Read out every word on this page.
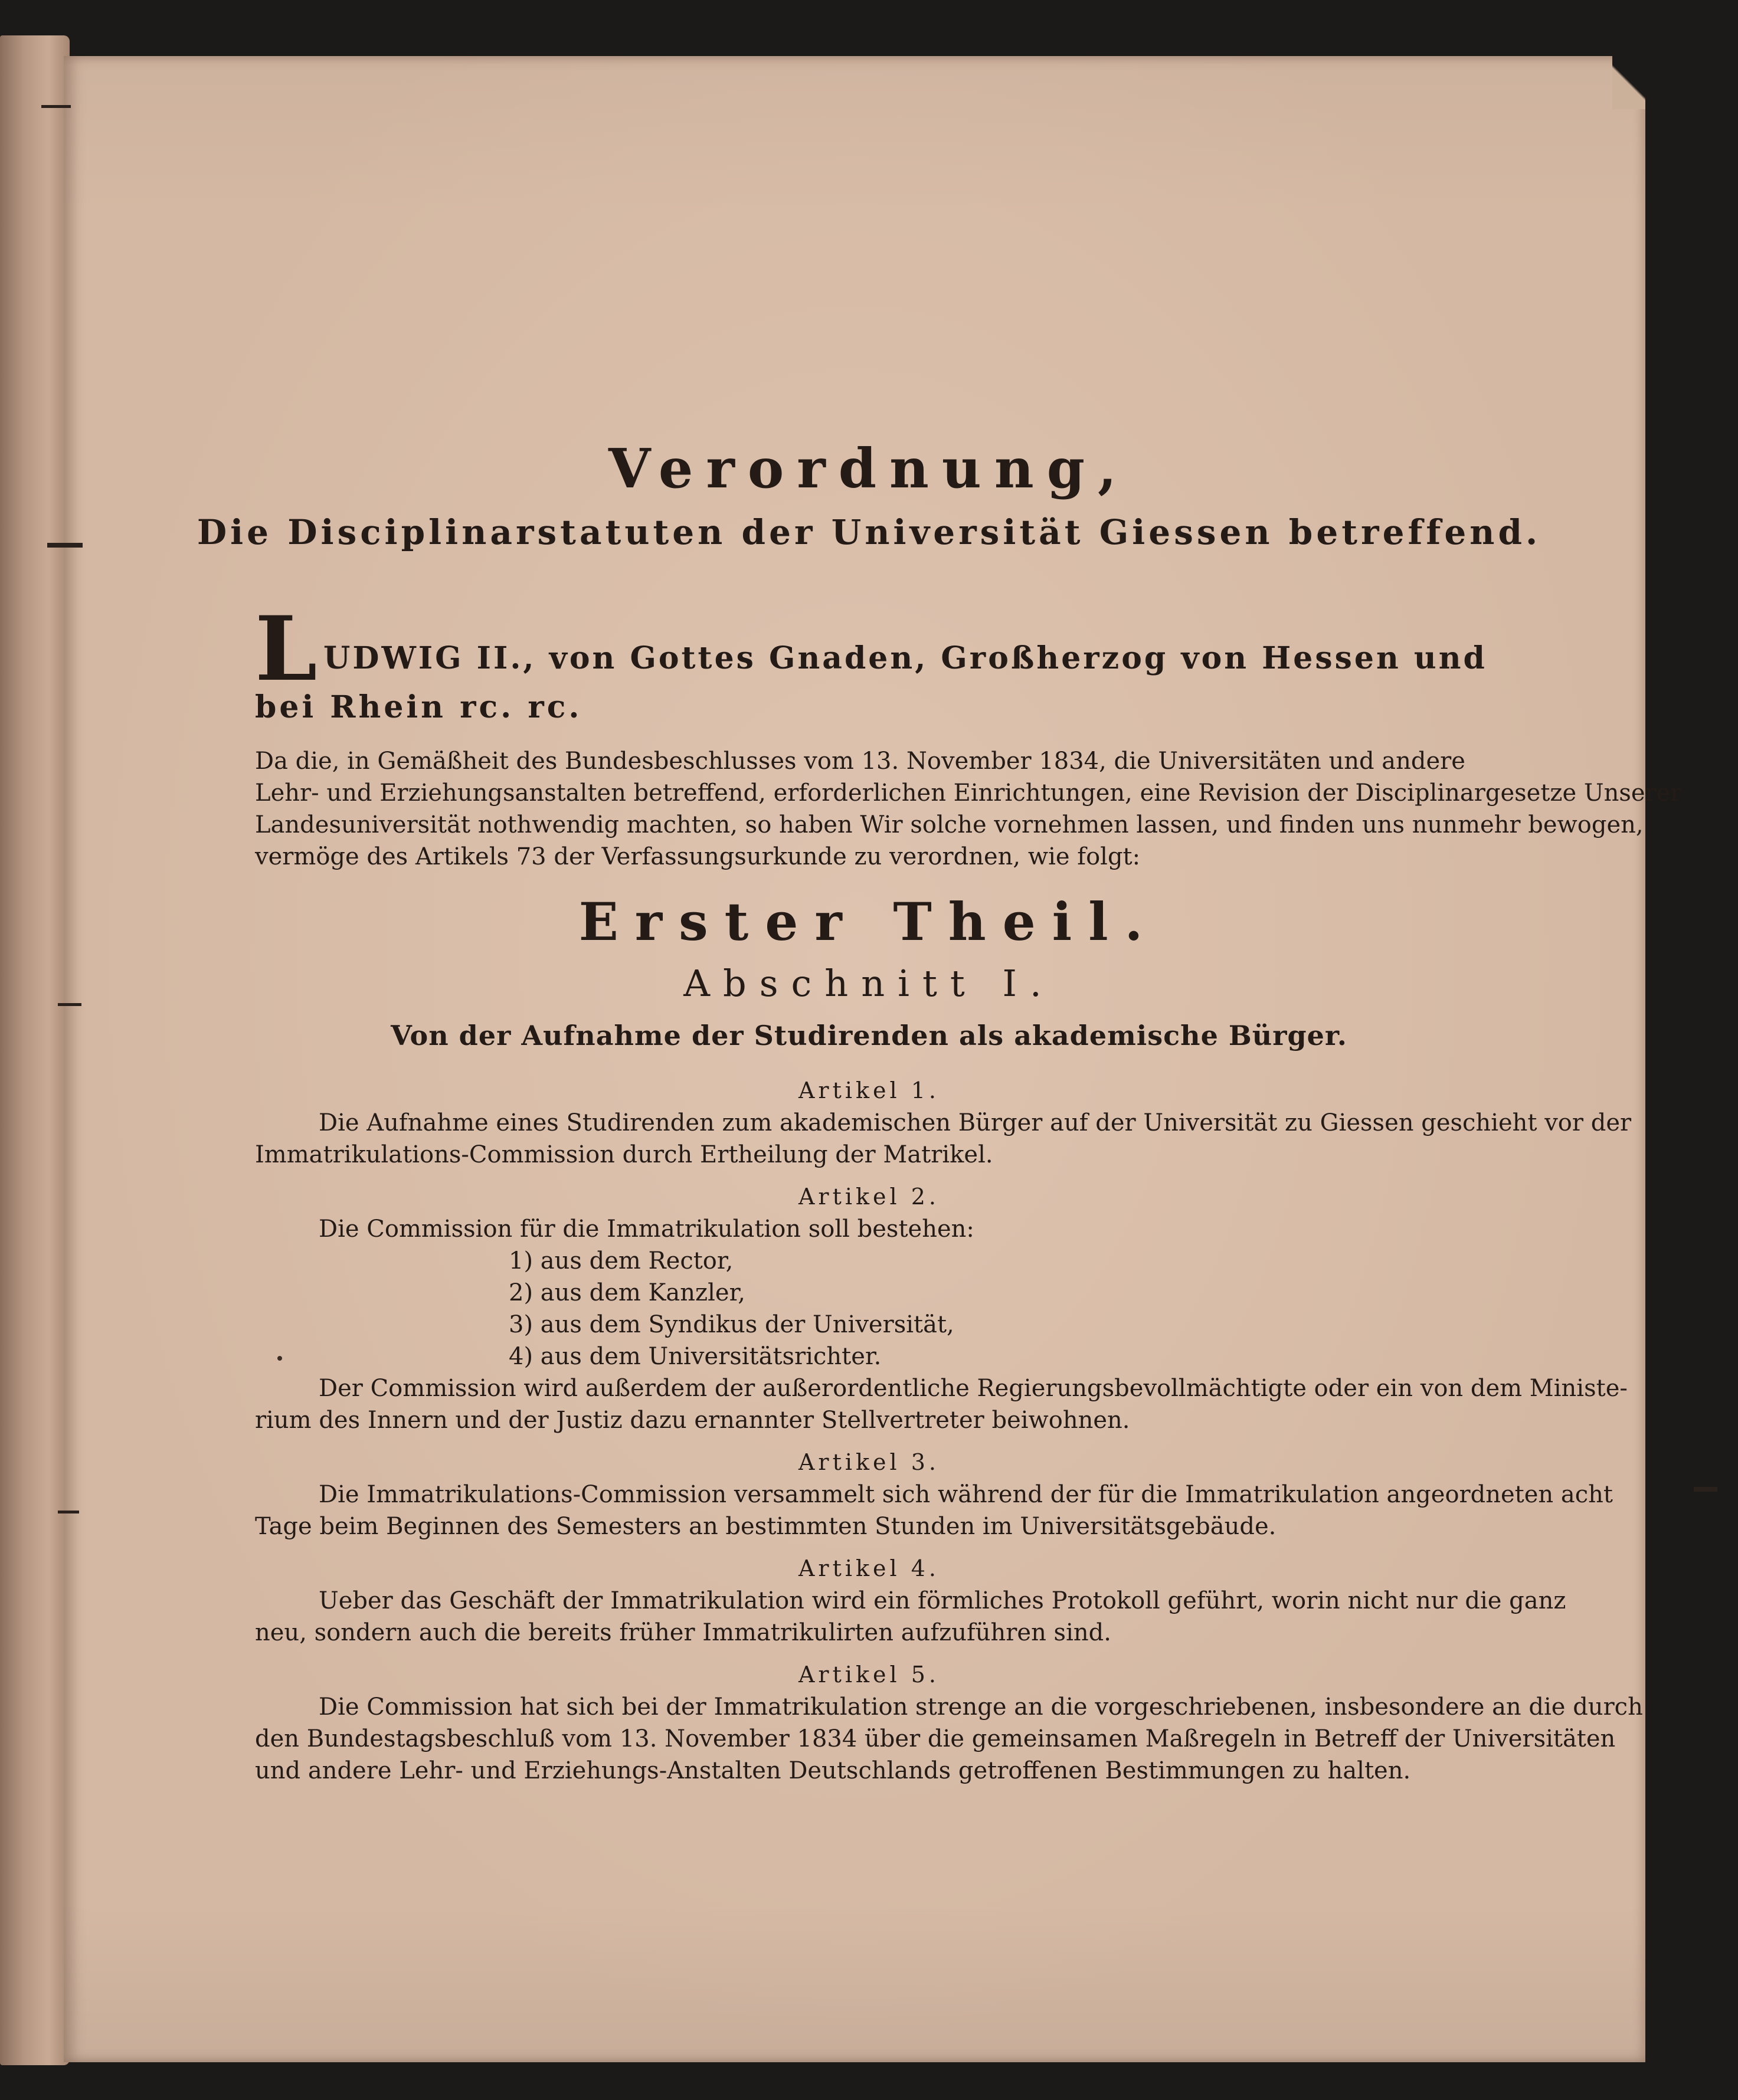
Verordnung,
Die Disciplinarstatuten der Universität Giessen betreffend.
L UDWIG II., von Gottes Gnaden, Großherzog von Hessen und
bei Rhein rc. rc.
Da die, in Gemäßheit des Bundesbeschlusses vom 13. November 1834, die Universitäten und andere
Lehr- und Erziehungsanstalten betreffend, erforderlichen Einrichtungen, eine Revision der Disciplinargesetze Unserer
Landesuniversität nothwendig machten, so haben Wir solche vornehmen lassen, und finden uns nunmehr bewogen,
vermöge des Artikels 73 der Verfassungsurkunde zu verordnen, wie folgt:
Erster Theil.
Abschnitt I.
Von der Aufnahme der Studirenden als akademische Bürger.
Artikel 1.
Die Aufnahme eines Studirenden zum akademischen Bürger auf der Universität zu Giessen geschieht vor der
Immatrikulations-Commission durch Ertheilung der Matrikel.
Artikel 2.
Die Commission für die Immatrikulation soll bestehen:
1) aus dem Rector,
2) aus dem Kanzler,
3) aus dem Syndikus der Universität,
4) aus dem Universitätsrichter.
Der Commission wird außerdem der außerordentliche Regierungsbevollmächtigte oder ein von dem Ministe-
rium des Innern und der Justiz dazu ernannter Stellvertreter beiwohnen.
Artikel 3.
Die Immatrikulations-Commission versammelt sich während der für die Immatrikulation angeordneten acht
Tage beim Beginnen des Semesters an bestimmten Stunden im Universitätsgebäude.
Artikel 4.
Ueber das Geschäft der Immatrikulation wird ein förmliches Protokoll geführt, worin nicht nur die ganz
neu, sondern auch die bereits früher Immatrikulirten aufzuführen sind.
Artikel 5.
Die Commission hat sich bei der Immatrikulation strenge an die vorgeschriebenen, insbesondere an die durch
den Bundestagsbeschluß vom 13. November 1834 über die gemeinsamen Maßregeln in Betreff der Universitäten
und andere Lehr- und Erziehungs-Anstalten Deutschlands getroffenen Bestimmungen zu halten.
